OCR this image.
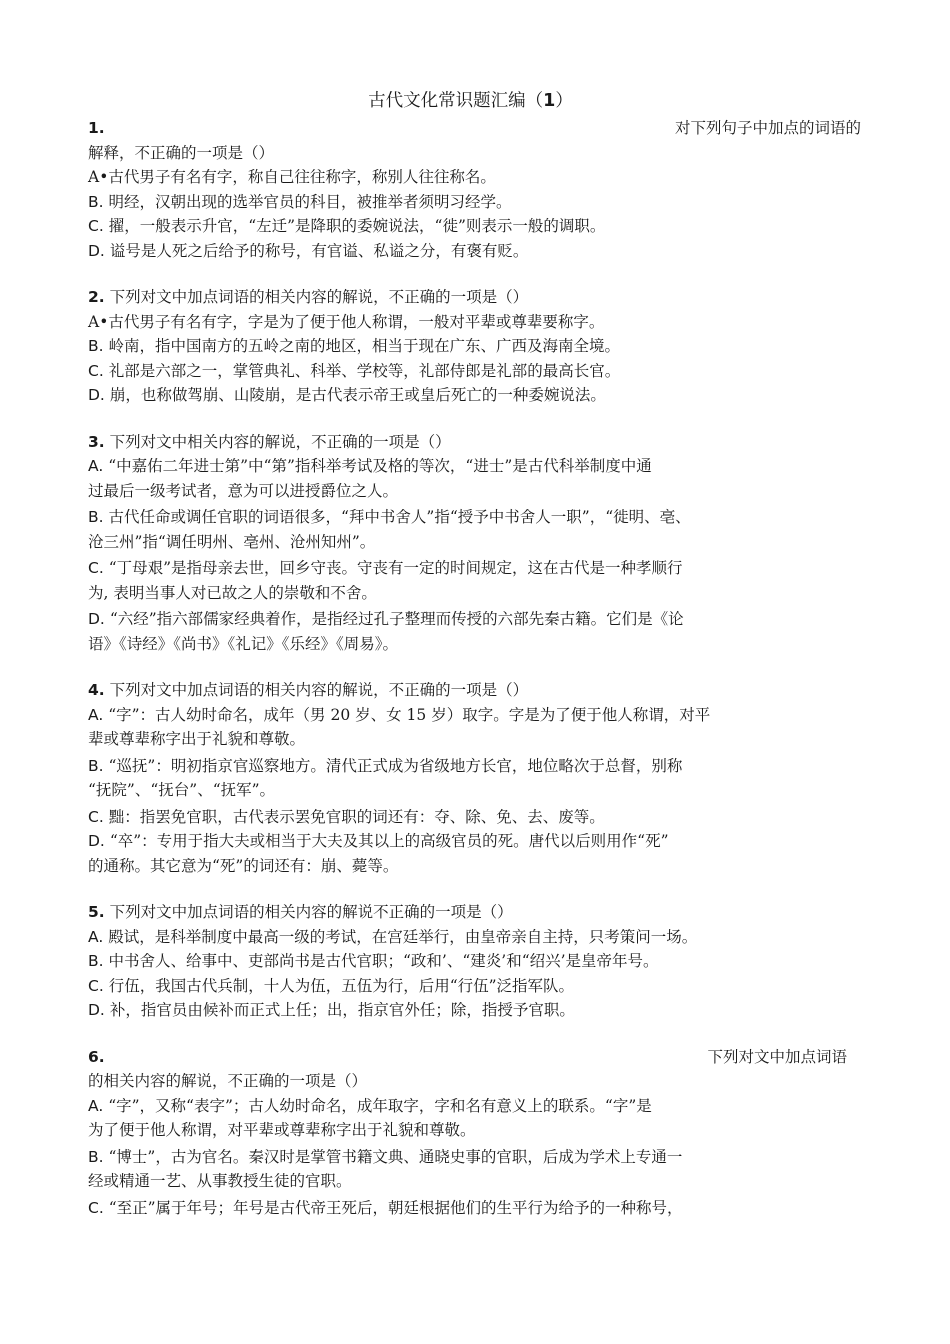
古代文化常识题汇编（1）

1.	对下列句子中加点的词语的

解释，不正确的一项是（）

A•古代男子有名有字，称自己往往称字，称别人往往称名。

B. 明经，汉朝出现的选举官员的科目，被推举者须明习经学。

C. 擢，一般表示升官，“左迁”是降职的委婉说法，“徙”则表示一般的调职。

D. 谥号是人死之后给予的称号，有官谥、私谥之分，有褒有贬。

2. 下列对文中加点词语的相关内容的解说，不正确的一项是（）

A•古代男子有名有字，字是为了便于他人称谓，一般对平辈或尊辈要称字。

B. 岭南，指中国南方的五岭之南的地区，相当于现在广东、广西及海南全境。

C. 礼部是六部之一，掌管典礼、科举、学校等，礼部侍郎是礼部的最高长官。

D. 崩，也称做驾崩、山陵崩，是古代表示帝王或皇后死亡的一种委婉说法。

3. 下列对文中相关内容的解说，不正确的一项是（）

A. “中嘉佑二年进士第”中“第”指科举考试及格的等次，“进士”是古代科举制度中通
过最后一级考试者，意为可以进授爵位之人。
B. 古代任命或调任官职的词语很多，“拜中书舍人”指“授予中书舍人一职”，“徙明、亳、
沧三州”指“调任明州、亳州、沧州知州”。
C. “丁母艰”是指母亲去世，回乡守丧。守丧有一定的时间规定，这在古代是一种孝顺行
为, 表明当事人对已故之人的崇敬和不舍。
D. “六经”指六部儒家经典着作，是指经过孔子整理而传授的六部先秦古籍。它们是《论
语》《诗经》《尚书》《礼记》《乐经》《周易》。

4. 下列对文中加点词语的相关内容的解说，不正确的一项是（）

A. “字”：古人幼时命名，成年（男 20 岁、女 15 岁）取字。字是为了便于他人称谓，对平
辈或尊辈称字出于礼貌和尊敬。
B. “巡抚”：明初指京官巡察地方。清代正式成为省级地方长官，地位略次于总督，别称
“抚院”、“抚台”、“抚军”。

C. 黜：指罢免官职，古代表示罢免官职的词还有：夺、除、免、去、废等。

D. “卒”：专用于指大夫或相当于大夫及其以上的高级官员的死。唐代以后则用作“死”
的通称。其它意为“死”的词还有：崩、薨等。

5. 下列对文中加点词语的相关内容的解说不正确的一项是（）

A. 殿试，是科举制度中最高一级的考试，在宫廷举行，由皇帝亲自主持，只考策问一场。

B. 中书舍人、给事中、吏部尚书是古代官职；“政和’、“建炎’和“绍兴’是皇帝年号。

C. 行伍，我国古代兵制，十人为伍，五伍为行，后用“行伍”泛指军队。

D. 补，指官员由候补而正式上任；出，指京官外任；除，指授予官职。

6.	下列对文中加点词语

的相关内容的解说，不正确的一项是（）

A. “字”，又称“表字”；古人幼时命名，成年取字，字和名有意义上的联系。“字”是
为了便于他人称谓，对平辈或尊辈称字出于礼貌和尊敬。
B. “博士”，古为官名。秦汉时是掌管书籍文典、通晓史事的官职，后成为学术上专通一
经或精通一艺、从事教授生徒的官职。
C. “至正”属于年号；年号是古代帝王死后，朝廷根据他们的生平行为给予的一种称号，
